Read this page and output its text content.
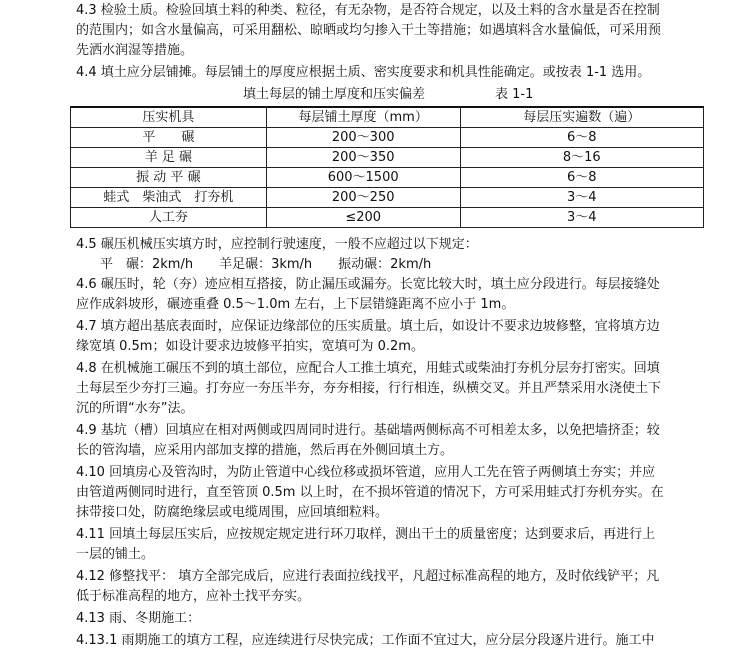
4.3 检验土质。检验回填土料的种类、粒径，有无杂物，是否符合规定，以及土料的含水量是否在控制
的范围内；如含水量偏高，可采用翻松、晾晒或均匀掺入干土等措施；如遇填料含水量偏低，可采用预
先洒水润湿等措施。
4.4 填土应分层铺摊。每层铺土的厚度应根据土质、密实度要求和机具性能确定。或按表 1-1 选用。
填土每层的铺土厚度和压实偏差	表 1-1
压实机具	每层铺土厚度（mm）	每层压实遍数（遍）
平　　碾	200～300	6～8
羊 足 碾	200～350	8～16
振 动 平 碾	600～1500	6～8
蛙式　柴油式　打夯机	200～250	3～4
人工夯	≤200	3～4
4.5 碾压机械压实填方时，应控制行驶速度，一般不应超过以下规定：
平　碾：2km/h　　羊足碾：3km/h　　振动碾：2km/h
4.6 碾压时，轮（夯）迹应相互搭接，防止漏压或漏夯。长宽比较大时，填土应分段进行。每层接缝处
应作成斜坡形，碾迹重叠 0.5～1.0m 左右，上下层错缝距离不应小于 1m。
4.7 填方超出基底表面时，应保证边缘部位的压实质量。填土后，如设计不要求边坡修整，宜将填方边
缘宽填 0.5m；如设计要求边坡修平拍实，宽填可为 0.2m。
4.8 在机械施工碾压不到的填土部位，应配合人工推土填充，用蛙式或柴油打夯机分层夯打密实。回填
土每层至少夯打三遍。打夯应一夯压半夯，夯夯相接，行行相连，纵横交叉。并且严禁采用水浇使土下
沉的所谓“水夯”法。
4.9 基坑（槽）回填应在相对两侧或四周同时进行。基础墙两侧标高不可相差太多，以免把墙挤歪；较
长的管沟墙，应采用内部加支撑的措施，然后再在外侧回填土方。
4.10 回填房心及管沟时，为防止管道中心线位移或损坏管道，应用人工先在管子两侧填土夯实；并应
由管道两侧同时进行，直至管顶 0.5m 以上时，在不损坏管道的情况下，方可采用蛙式打夯机夯实。在
抹带接口处，防腐绝缘层或电缆周围，应回填细粒料。
4.11 回填土每层压实后，应按规定规定进行环刀取样，测出干土的质量密度；达到要求后，再进行上
一层的铺土。
4.12 修整找平： 填方全部完成后，应进行表面拉线找平，凡超过标准高程的地方，及时依线铲平；凡
低于标准高程的地方，应补土找平夯实。
4.13 雨、冬期施工：
4.13.1 雨期施工的填方工程，应连续进行尽快完成；工作面不宜过大，应分层分段逐片进行。施工中
